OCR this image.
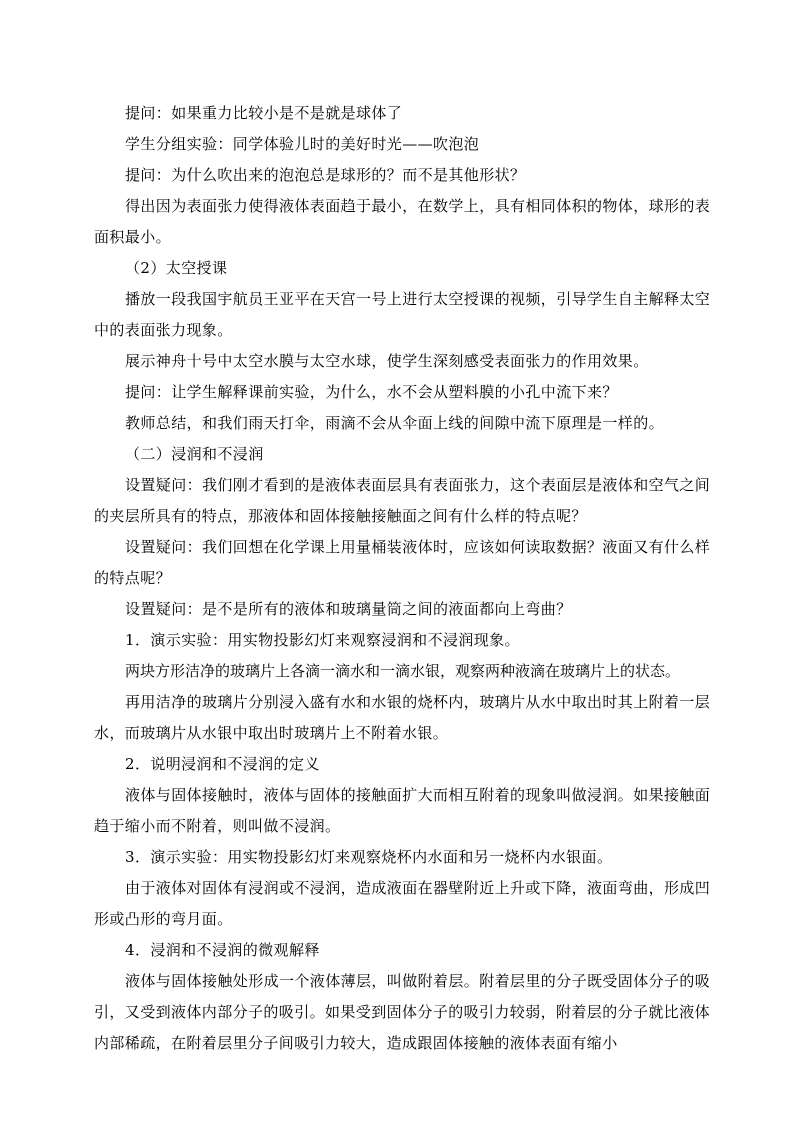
提问：如果重力比较小是不是就是球体了

学生分组实验：同学体验儿时的美好时光——吹泡泡

提问：为什么吹出来的泡泡总是球形的？而不是其他形状？

得出因为表面张力使得液体表面趋于最小，在数学上，具有相同体积的物体，球形的表面积最小。

（2）太空授课

播放一段我国宇航员王亚平在天宫一号上进行太空授课的视频，引导学生自主解释太空中的表面张力现象。

展示神舟十号中太空水膜与太空水球，使学生深刻感受表面张力的作用效果。

提问：让学生解释课前实验，为什么，水不会从塑料膜的小孔中流下来？

教师总结，和我们雨天打伞，雨滴不会从伞面上线的间隙中流下原理是一样的。

（二）浸润和不浸润

设置疑问：我们刚才看到的是液体表面层具有表面张力，这个表面层是液体和空气之间的夹层所具有的特点，那液体和固体接触接触面之间有什么样的特点呢？

设置疑问：我们回想在化学课上用量桶装液体时，应该如何读取数据？液面又有什么样的特点呢？

设置疑问：是不是所有的液体和玻璃量筒之间的液面都向上弯曲？

1．演示实验：用实物投影幻灯来观察浸润和不浸润现象。

两块方形洁净的玻璃片上各滴一滴水和一滴水银，观察两种液滴在玻璃片上的状态。

再用洁净的玻璃片分别浸入盛有水和水银的烧杯内，玻璃片从水中取出时其上附着一层水，而玻璃片从水银中取出时玻璃片上不附着水银。

2．说明浸润和不浸润的定义

液体与固体接触时，液体与固体的接触面扩大而相互附着的现象叫做浸润。如果接触面趋于缩小而不附着，则叫做不浸润。

3．演示实验：用实物投影幻灯来观察烧杯内水面和另一烧杯内水银面。

由于液体对固体有浸润或不浸润，造成液面在器壁附近上升或下降，液面弯曲，形成凹形或凸形的弯月面。

4．浸润和不浸润的微观解释

液体与固体接触处形成一个液体薄层，叫做附着层。附着层里的分子既受固体分子的吸引，又受到液体内部分子的吸引。如果受到固体分子的吸引力较弱，附着层的分子就比液体内部稀疏，在附着层里分子间吸引力较大，造成跟固体接触的液体表面有缩小
